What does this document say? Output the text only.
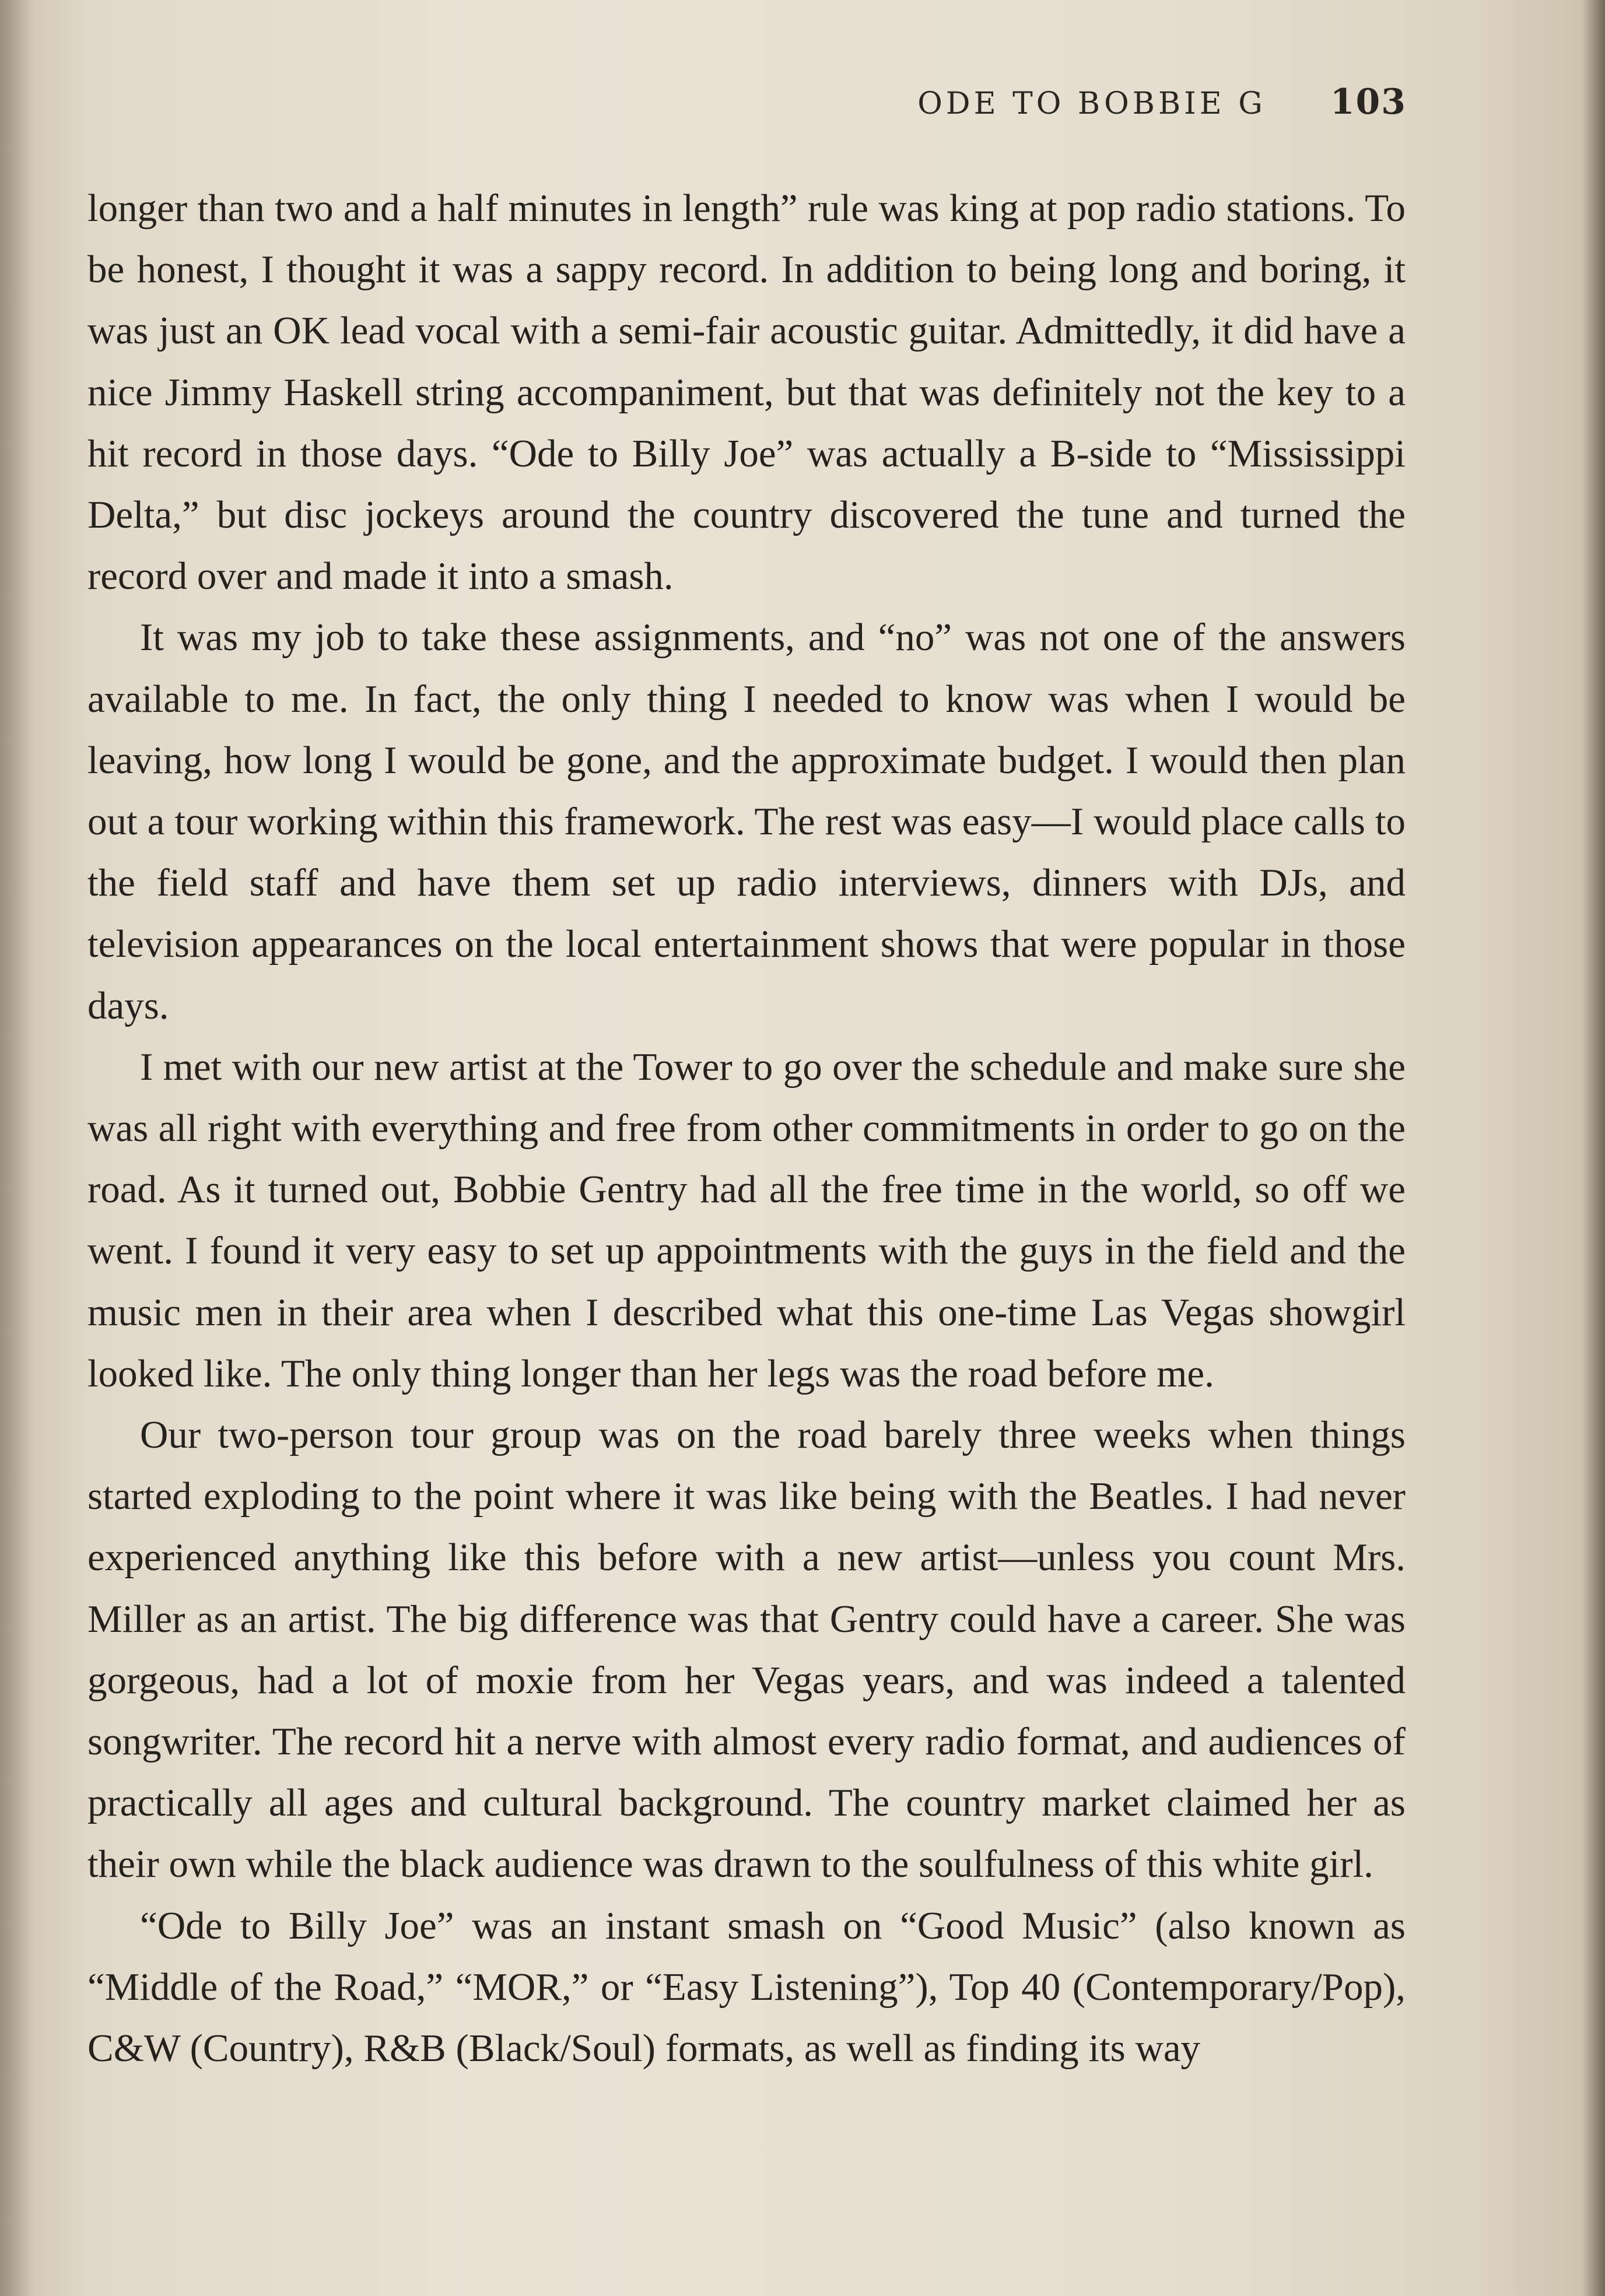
ODE TO BOBBIE G 103

longer than two and a half minutes in length” rule was king at pop radio stations. To be honest, I thought it was a sappy record. In addition to being long and boring, it was just an OK lead vocal with a semi-fair acoustic guitar. Admittedly, it did have a nice Jimmy Haskell string accompaniment, but that was definitely not the key to a hit record in those days. “Ode to Billy Joe” was actually a B-side to “Mississippi Delta,” but disc jockeys around the country discovered the tune and turned the record over and made it into a smash.

It was my job to take these assignments, and “no” was not one of the answers available to me. In fact, the only thing I needed to know was when I would be leaving, how long I would be gone, and the approximate budget. I would then plan out a tour working within this framework. The rest was easy—I would place calls to the field staff and have them set up radio interviews, dinners with DJs, and television appearances on the local entertainment shows that were popular in those days.

I met with our new artist at the Tower to go over the schedule and make sure she was all right with everything and free from other commitments in order to go on the road. As it turned out, Bobbie Gentry had all the free time in the world, so off we went. I found it very easy to set up appointments with the guys in the field and the music men in their area when I described what this one-time Las Vegas showgirl looked like. The only thing longer than her legs was the road before me.

Our two-person tour group was on the road barely three weeks when things started exploding to the point where it was like being with the Beatles. I had never experienced anything like this before with a new artist—unless you count Mrs. Miller as an artist. The big difference was that Gentry could have a career. She was gorgeous, had a lot of moxie from her Vegas years, and was indeed a talented songwriter. The record hit a nerve with almost every radio format, and audiences of practically all ages and cultural background. The country market claimed her as their own while the black audience was drawn to the soulfulness of this white girl.

“Ode to Billy Joe” was an instant smash on “Good Music” (also known as “Middle of the Road,” “MOR,” or “Easy Listening”), Top 40 (Contemporary/Pop), C&W (Country), R&B (Black/Soul) formats, as well as finding its way
